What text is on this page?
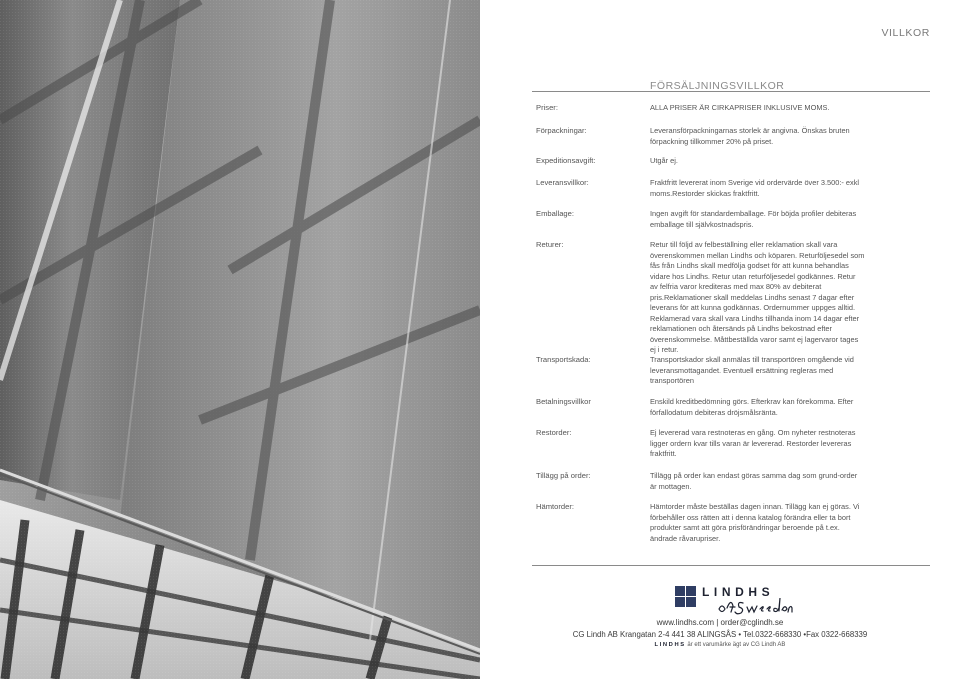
VILLKOR
FÖRSÄLJNINGSVILLKOR
Priser:	ALLA PRISER ÄR CIRKAPRISER INKLUSIVE MOMS.
Förpackningar:	Leveransförpackningarnas storlek är angivna. Önskas bruten förpackning tillkommer 20% på priset.
Expeditionsavgift:	Utgår ej.
Leveransvillkor:	Fraktfritt levererat inom Sverige vid ordervärde över 3.500:- exkl moms.Restorder skickas fraktfritt.
Emballage:	Ingen avgift för standardemballage. För böjda profiler debiteras emballage till självkostnadspris.
Returer:	Retur till följd av felbeställning eller reklamation skall vara överenskommen mellan Lindhs och köparen. Returföljesedel som fås från Lindhs skall medfölja godset för att kunna behandlas vidare hos Lindhs. Retur utan returföljesedel godkännes. Retur av felfria varor krediteras med max 80% av debiterat pris.Reklamationer skall meddelas Lindhs senast 7 dagar efter leverans för att kunna godkännas. Ordernummer uppges alltid. Reklamerad vara skall vara Lindhs tillhanda inom 14 dagar efter reklamationen och återsänds på Lindhs bekostnad efter överenskommelse. Måttbeställda varor samt ej lagervaror tages ej i retur.
Transportskada:	Transportskador skall anmälas till transportören omgående vid leveransmottagandet. Eventuell ersättning regleras med transportören
Betalningsvillkor	Enskild kreditbedömning görs. Efterkrav kan förekomma. Efter förfallodatum debiteras dröjsmålsränta.
Restorder:	Ej levererad vara restnoteras en gång. Om nyheter restnoteras ligger ordern kvar tills varan är levererad. Restorder levereras fraktfritt.
Tillägg på order:	Tillägg på order kan endast göras samma dag som grund-order är mottagen.
Hämtorder:	Hämtorder måste beställas dagen innan. Tillägg kan ej göras. Vi förbehåller oss rätten att i denna katalog förändra eller ta bort produkter samt att göra prisförändringar beroende på t.ex. ändrade råvarupriser.
LINDHS
www.lindhs.com | order@cglindh.se
CG Lindh AB Krangatan 2-4 441 38 ALINGSÅS • Tel.0322-668330 •Fax 0322-668339
LINDHS är ett varumärke ägt av CG Lindh AB
